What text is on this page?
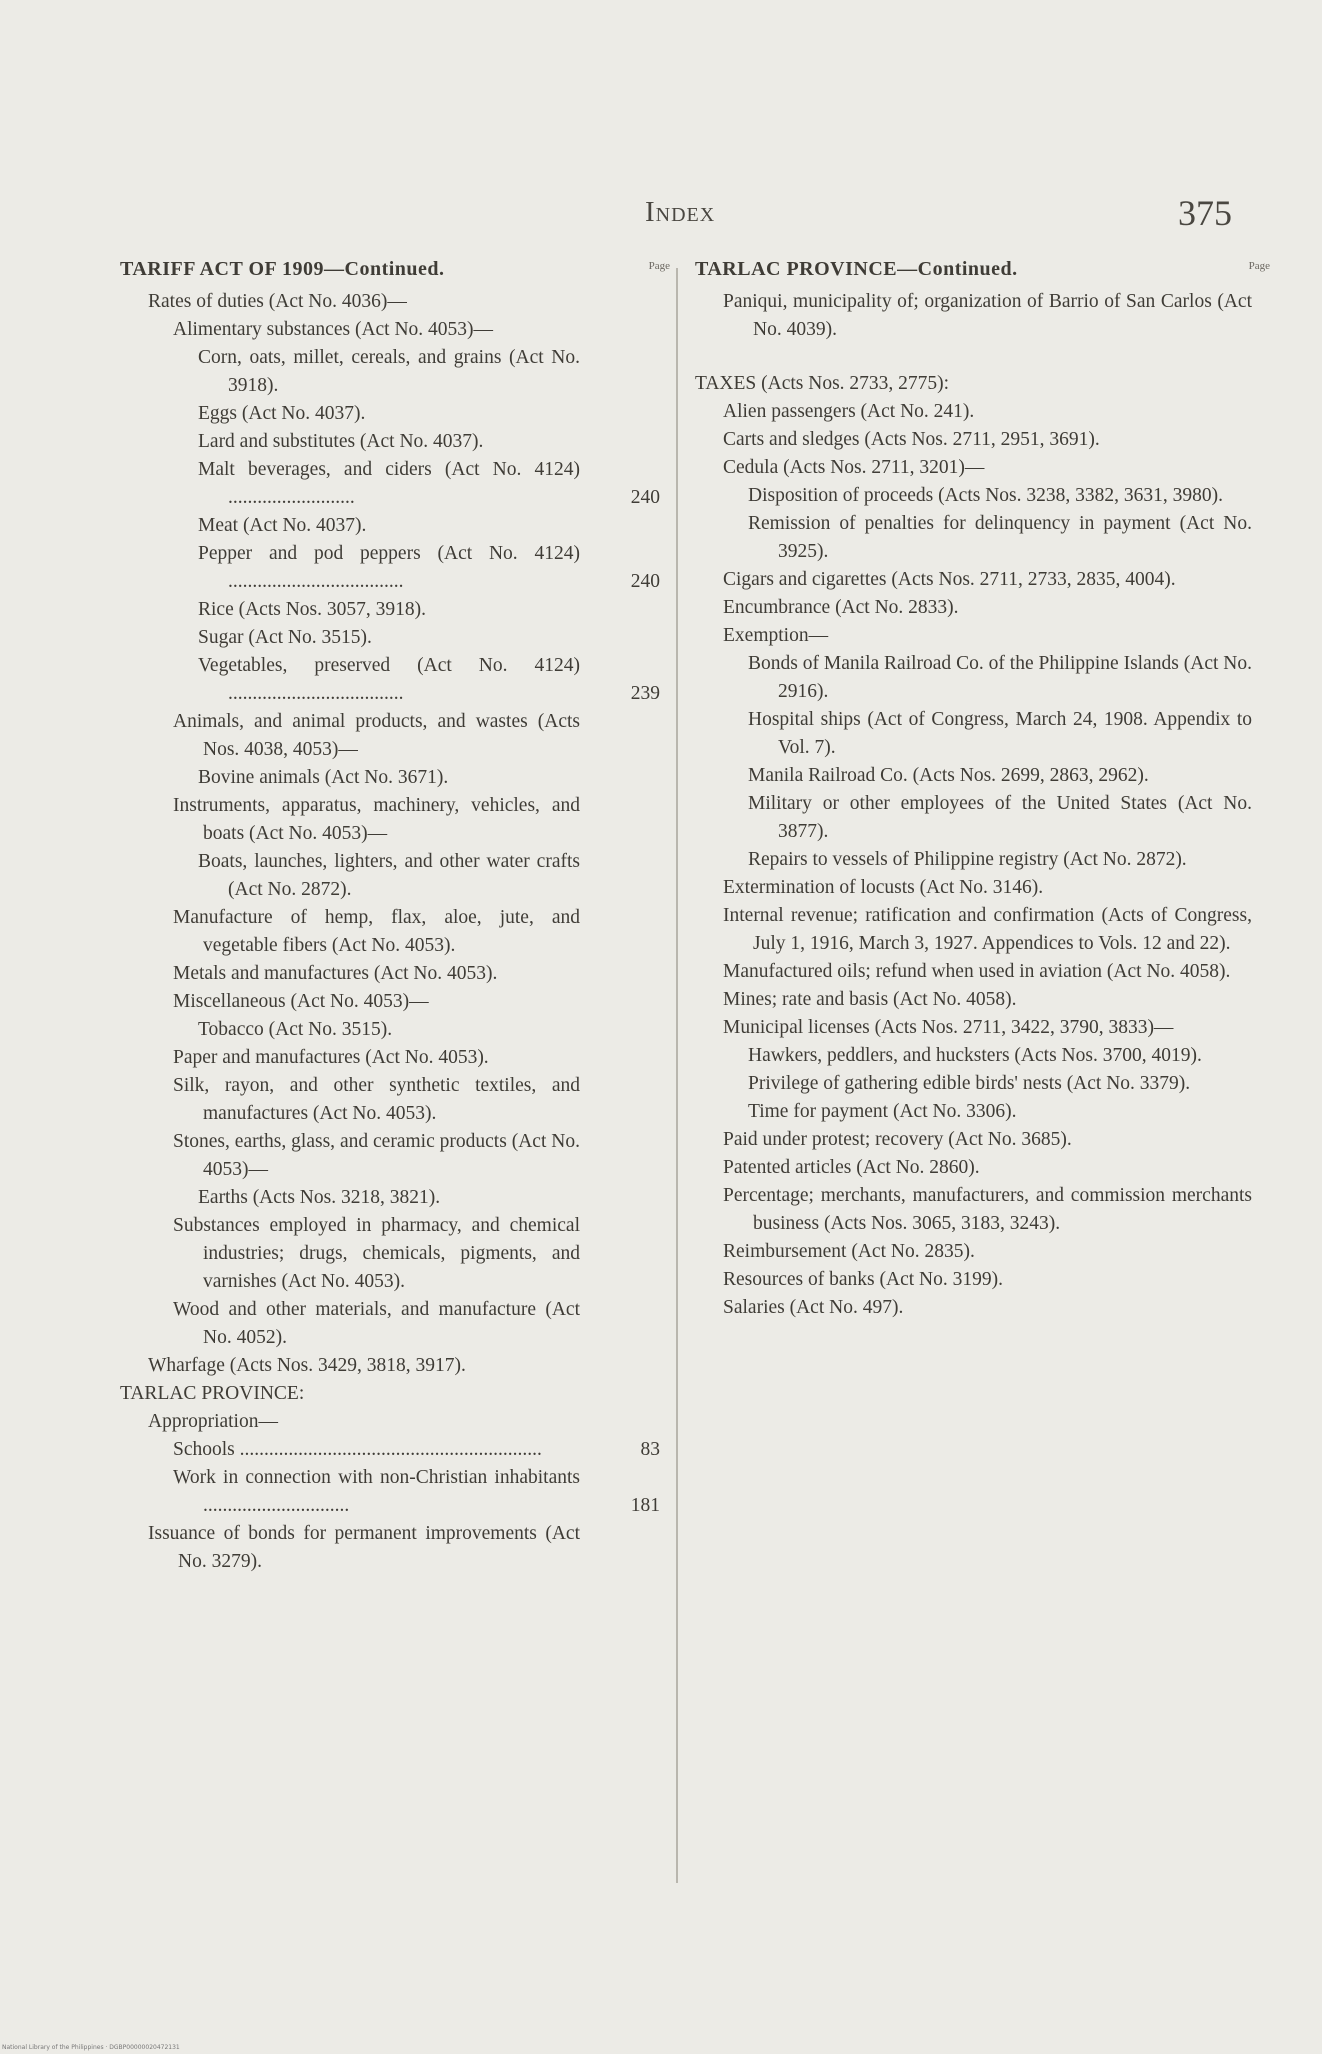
Index	375
TARIFF ACT OF 1909—Continued.	Page
Rates of duties (Act No. 4036)—
Alimentary substances (Act No. 4053)—
Corn, oats, millet, cereals, and grains (Act No. 3918).
Eggs (Act No. 4037).
Lard and substitutes (Act No. 4037).
Malt beverages, and ciders (Act No. 4124) ..........................	240
Meat (Act No. 4037).
Pepper and pod peppers (Act No. 4124) ....................................	240
Rice (Acts Nos. 3057, 3918).
Sugar (Act No. 3515).
Vegetables, preserved (Act No. 4124) ....................................	239
Animals, and animal products, and wastes (Acts Nos. 4038, 4053)—
Bovine animals (Act No. 3671).
Instruments, apparatus, machinery, vehicles, and boats (Act No. 4053)—
Boats, launches, lighters, and other water crafts (Act No. 2872).
Manufacture of hemp, flax, aloe, jute, and vegetable fibers (Act No. 4053).
Metals and manufactures (Act No. 4053).
Miscellaneous (Act No. 4053)—
Tobacco (Act No. 3515).
Paper and manufactures (Act No. 4053).
Silk, rayon, and other synthetic textiles, and manufactures (Act No. 4053).
Stones, earths, glass, and ceramic products (Act No. 4053)—
Earths (Acts Nos. 3218, 3821).
Substances employed in pharmacy, and chemical industries; drugs, chemicals, pigments, and varnishes (Act No. 4053).
Wood and other materials, and manufacture (Act No. 4052).
Wharfage (Acts Nos. 3429, 3818, 3917).
TARLAC PROVINCE:
Appropriation—
Schools ..............................................................	83
Work in connection with non-Christian inhabitants ..............................	181
Issuance of bonds for permanent improvements (Act No. 3279).
TARLAC PROVINCE—Continued.	Page
Paniqui, municipality of; organization of Barrio of San Carlos (Act No. 4039).
TAXES (Acts Nos. 2733, 2775):
Alien passengers (Act No. 241).
Carts and sledges (Acts Nos. 2711, 2951, 3691).
Cedula (Acts Nos. 2711, 3201)—
Disposition of proceeds (Acts Nos. 3238, 3382, 3631, 3980).
Remission of penalties for delinquency in payment (Act No. 3925).
Cigars and cigarettes (Acts Nos. 2711, 2733, 2835, 4004).
Encumbrance (Act No. 2833).
Exemption—
Bonds of Manila Railroad Co. of the Philippine Islands (Act No. 2916).
Hospital ships (Act of Congress, March 24, 1908. Appendix to Vol. 7).
Manila Railroad Co. (Acts Nos. 2699, 2863, 2962).
Military or other employees of the United States (Act No. 3877).
Repairs to vessels of Philippine registry (Act No. 2872).
Extermination of locusts (Act No. 3146).
Internal revenue; ratification and confirmation (Acts of Congress, July 1, 1916, March 3, 1927. Appendices to Vols. 12 and 22).
Manufactured oils; refund when used in aviation (Act No. 4058).
Mines; rate and basis (Act No. 4058).
Municipal licenses (Acts Nos. 2711, 3422, 3790, 3833)—
Hawkers, peddlers, and hucksters (Acts Nos. 3700, 4019).
Privilege of gathering edible birds' nests (Act No. 3379).
Time for payment (Act No. 3306).
Paid under protest; recovery (Act No. 3685).
Patented articles (Act No. 2860).
Percentage; merchants, manufacturers, and commission merchants business (Acts Nos. 3065, 3183, 3243).
Reimbursement (Act No. 2835).
Resources of banks (Act No. 3199).
Salaries (Act No. 497).
National Library of the Philippines · DGBP00000020472131
